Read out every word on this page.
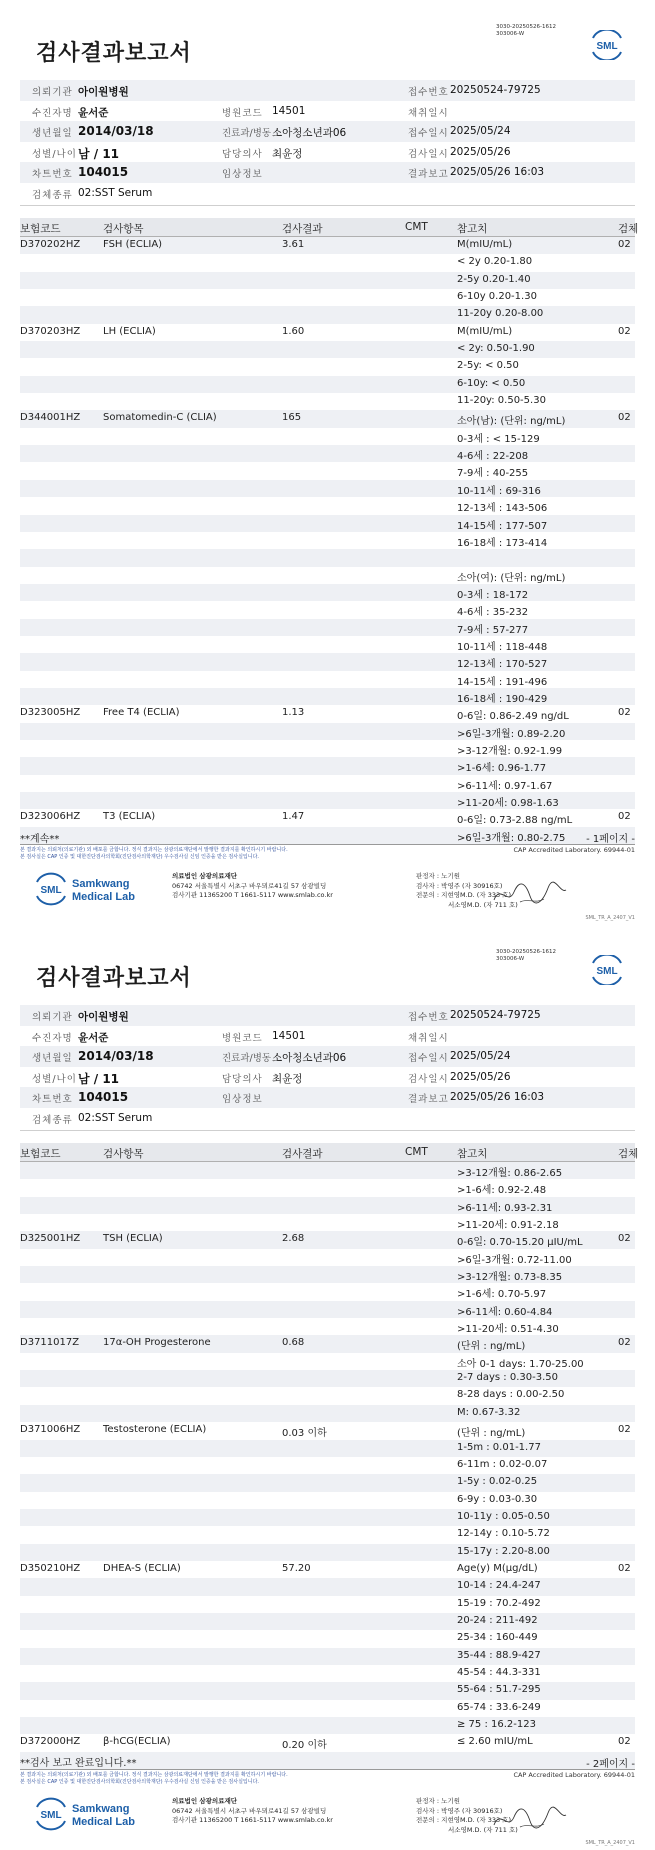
검사결과보고서
3030-20250526-1612
303006-W
SML
의뢰기관 아이원병원	접수번호 20250524-79725
수진자명 윤서준	병원코드 14501	채취일시
생년월일 2014/03/18	진료과/병동 소아청소년과06	접수일시 2025/05/24
성별/나이 남 / 11	담당의사 최윤정	검사일시 2025/05/26
차트번호 104015	임상정보	결과보고 2025/05/26 16:03
검체종류 02:SST Serum
보험코드	검사항목	검사결과	CMT	참고치	검체
D370202HZ FSH (ECLIA)	3.61	M(mIU/mL)	02
< 2y 0.20-1.80
2-5y 0.20-1.40
6-10y 0.20-1.30
11-20y 0.20-8.00
D370203HZ LH (ECLIA)	1.60	M(mIU/mL)	02
< 2y: 0.50-1.90
2-5y: < 0.50
6-10y: < 0.50
11-20y: 0.50-5.30
D344001HZ Somatomedin-C (CLIA)	165	소아(남): (단위: ng/mL)	02
0-3세 : < 15-129
4-6세 : 22-208
7-9세 : 40-255
10-11세 : 69-316
12-13세 : 143-506
14-15세 : 177-507
16-18세 : 173-414
소아(여): (단위: ng/mL)
0-3세 : 18-172
4-6세 : 35-232
7-9세 : 57-277
10-11세 : 118-448
12-13세 : 170-527
14-15세 : 191-496
16-18세 : 190-429
D323005HZ Free T4 (ECLIA)	1.13	0-6일: 0.86-2.49 ng/dL	02
>6일-3개월: 0.89-2.20
>3-12개월: 0.92-1.99
>1-6세: 0.96-1.77
>6-11세: 0.97-1.67
>11-20세: 0.98-1.63
D323006HZ T3 (ECLIA)	1.47	0-6일: 0.73-2.88 ng/mL	02
>6일-3개월: 0.80-2.75
**계속**	- 1페이지 -
본 결과지는 의뢰처(의료기관) 외 배포를 금합니다. 정식 결과지는 삼광의료재단에서 발행한 결과지를 확인하시기 바랍니다.
본 검사실은 CAP 인증 및 대한진단검사의학회(진단검사의학재단) 우수검사실 신임 인증을 받은 검사실입니다.
CAP Accredited Laboratory. 69944-01
SML
Samkwang
Medical Lab
의료법인 삼광의료재단
06742 서울특별시 서초구 바우뫼로41길 57 삼광빌딩
검사기관 11365200 T 1661-5117 www.smlab.co.kr
판정자 : 노기원
검사자 : 박영주 (자 30916호)
전문의 : 지현영M.D. (자 333 호)
서소영M.D. (자 711 호)
SML_TR_A_2407_V1
검사결과보고서
3030-20250526-1612
303006-W
SML
의뢰기관 아이원병원	접수번호 20250524-79725
수진자명 윤서준	병원코드 14501	채취일시
생년월일 2014/03/18	진료과/병동 소아청소년과06	접수일시 2025/05/24
성별/나이 남 / 11	담당의사 최윤정	검사일시 2025/05/26
차트번호 104015	임상정보	결과보고 2025/05/26 16:03
검체종류 02:SST Serum
보험코드	검사항목	검사결과	CMT	참고치	검체
>3-12개월: 0.86-2.65
>1-6세: 0.92-2.48
>6-11세: 0.93-2.31
>11-20세: 0.91-2.18
D325001HZ TSH (ECLIA)	2.68	0-6일: 0.70-15.20 μIU/mL	02
>6일-3개월: 0.72-11.00
>3-12개월: 0.73-8.35
>1-6세: 0.70-5.97
>6-11세: 0.60-4.84
>11-20세: 0.51-4.30
D3711017Z 17α-OH Progesterone	0.68	(단위 : ng/mL)	02
소아 0-1 days: 1.70-25.00
2-7 days : 0.30-3.50
8-28 days : 0.00-2.50
M: 0.67-3.32
D371006HZ Testosterone (ECLIA)	0.03 이하	(단위 : ng/mL)	02
1-5m : 0.01-1.77
6-11m : 0.02-0.07
1-5y : 0.02-0.25
6-9y : 0.03-0.30
10-11y : 0.05-0.50
12-14y : 0.10-5.72
15-17y : 2.20-8.00
D350210HZ DHEA-S (ECLIA)	57.20	Age(y) M(μg/dL)	02
10-14 : 24.4-247
15-19 : 70.2-492
20-24 : 211-492
25-34 : 160-449
35-44 : 88.9-427
45-54 : 44.3-331
55-64 : 51.7-295
65-74 : 33.6-249
≥ 75 : 16.2-123
D372000HZ β-hCG(ECLIA)	0.20 이하	≤ 2.60 mIU/mL	02
**검사 보고 완료입니다.**	- 2페이지 -
본 결과지는 의뢰처(의료기관) 외 배포를 금합니다. 정식 결과지는 삼광의료재단에서 발행한 결과지를 확인하시기 바랍니다.
본 검사실은 CAP 인증 및 대한진단검사의학회(진단검사의학재단) 우수검사실 신임 인증을 받은 검사실입니다.
CAP Accredited Laboratory. 69944-01
SML
Samkwang
Medical Lab
의료법인 삼광의료재단
06742 서울특별시 서초구 바우뫼로41길 57 삼광빌딩
검사기관 11365200 T 1661-5117 www.smlab.co.kr
판정자 : 노기원
검사자 : 박영주 (자 30916호)
전문의 : 지현영M.D. (자 333 호)
서소영M.D. (자 711 호)
SML_TR_A_2407_V1
